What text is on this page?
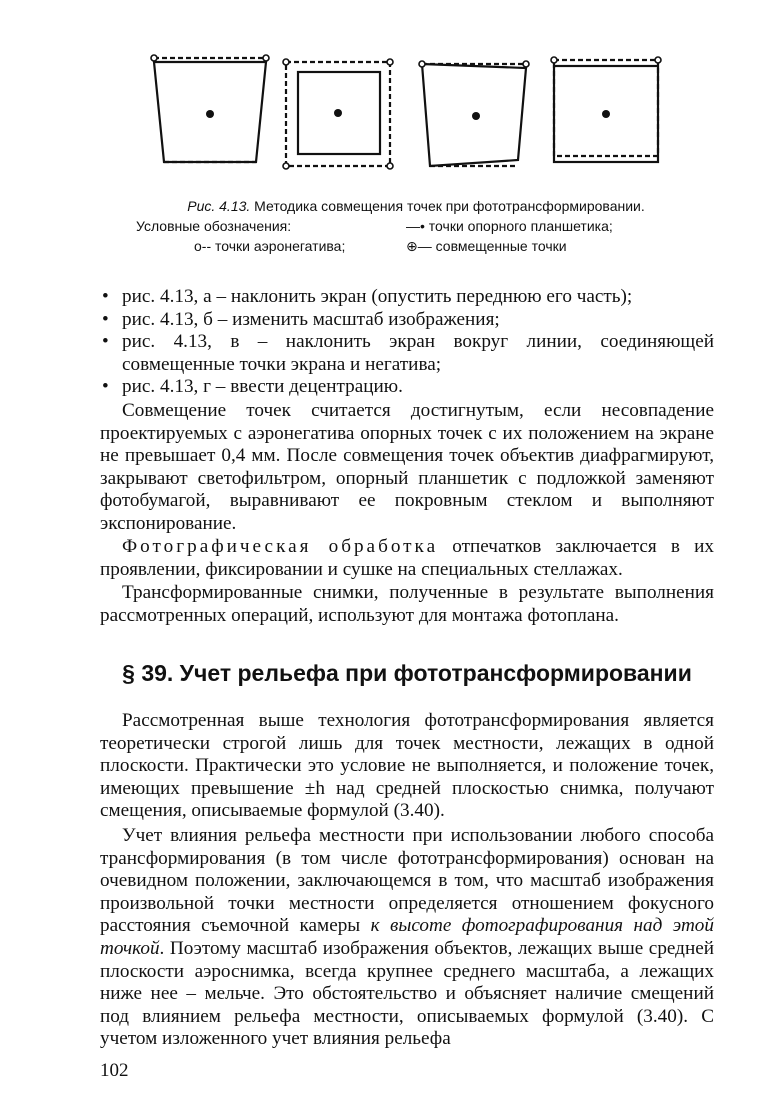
Рис. 4.13. Методика совмещения точек при фототрансформировании.
Условные обозначения:	—• точки опорного планшетика;
o-- точки аэронегатива;	⊕— совмещенные точки
• рис. 4.13, а – наклонить экран (опустить переднюю его часть);
• рис. 4.13, б – изменить масштаб изображения;
• рис. 4.13, в – наклонить экран вокруг линии, соединяющей совмещенные точки экрана и негатива;
• рис. 4.13, г – ввести децентрацию.

Совмещение точек считается достигнутым, если несовпадение проектируемых с аэронегатива опорных точек с их положением на экране не превышает 0,4 мм. После совмещения точек объектив диафрагмируют, закрывают светофильтром, опорный планшетик с подложкой заменяют фотобумагой, выравнивают ее покровным стеклом и выполняют экспонирование.

Фотографическая обработка отпечатков заключается в их проявлении, фиксировании и сушке на специальных стеллажах.

Трансформированные снимки, полученные в результате выполнения рассмотренных операций, используют для монтажа фотоплана.

§ 39. Учет рельефа при фототрансформировании

Рассмотренная выше технология фототрансформирования является теоретически строгой лишь для точек местности, лежащих в одной плоскости. Практически это условие не выполняется, и положение точек, имеющих превышение ±h над средней плоскостью снимка, получают смещения, описываемые формулой (3.40).

Учет влияния рельефа местности при использовании любого способа трансформирования (в том числе фототрансформирования) основан на очевидном положении, заключающемся в том, что масштаб изображения произвольной точки местности определяется отношением фокусного расстояния съемочной камеры к высоте фотографирования над этой точкой. Поэтому масштаб изображения объектов, лежащих выше средней плоскости аэроснимка, всегда крупнее среднего масштаба, а лежащих ниже нее – мельче. Это обстоятельство и объясняет наличие смещений под влиянием рельефа местности, описываемых формулой (3.40). С учетом изложенного учет влияния рельефа

102
